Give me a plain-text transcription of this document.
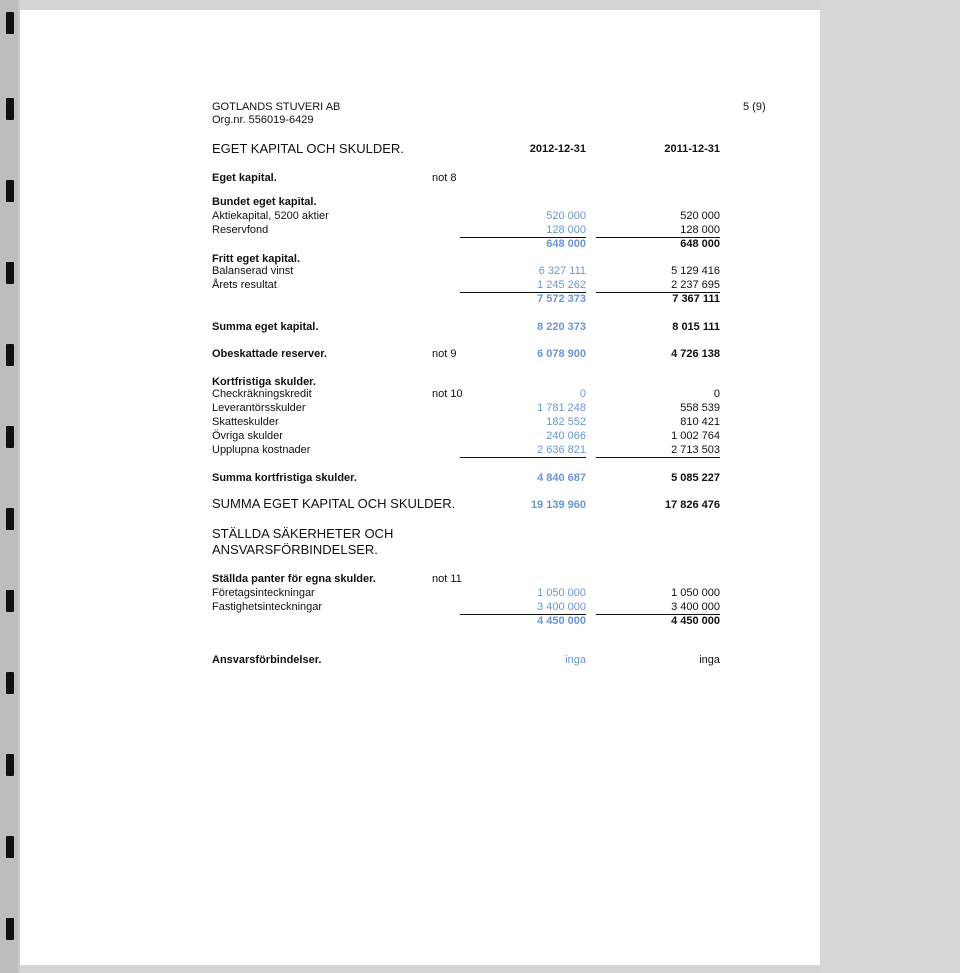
GOTLANDS STUVERI AB
Org.nr. 556019-6429
5 (9)
EGET KAPITAL OCH SKULDER.	2012-12-31	2011-12-31
Eget kapital.	not 8
Bundet eget kapital.
Aktiekapital, 5200 aktier	520 000	520 000
Reservfond	128 000	128 000
648 000	648 000
Fritt eget kapital.
Balanserad vinst	6 327 111	5 129 416
Årets resultat	1 245 262	2 237 695
7 572 373	7 367 111
Summa eget kapital.	8 220 373	8 015 111
Obeskattade reserver.	not 9	6 078 900	4 726 138
Kortfristiga skulder.
Checkräkningskredit	not 10	0	0
Leverantörsskulder	1 781 248	558 539
Skatteskulder	182 552	810 421
Övriga skulder	240 066	1 002 764
Upplupna kostnader	2 636 821	2 713 503
Summa kortfristiga skulder.	4 840 687	5 085 227
SUMMA EGET KAPITAL OCH SKULDER.	19 139 960	17 826 476
STÄLLDA SÄKERHETER OCH
ANSVARSFÖRBINDELSER.
Ställda panter för egna skulder.	not 11
Företagsinteckningar	1 050 000	1 050 000
Fastighetsinteckningar	3 400 000	3 400 000
4 450 000	4 450 000
Ansvarsförbindelser.	inga	inga
